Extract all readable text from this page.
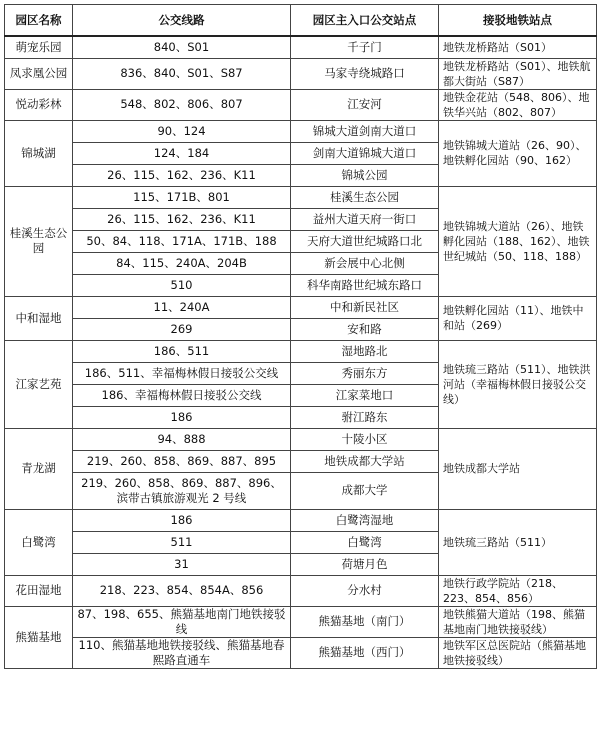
园区名称	公交线路	园区主入口公交站点	接驳地铁站点
萌宠乐园	840、S01	千子门	地铁龙桥路站（S01）
凤求凰公园	836、840、S01、S87	马家寺绕城路口	地铁龙桥路站（S01）、地铁航都大街站（S87）
悦动彩林	548、802、806、807	江安河	地铁金花站（548、806）、地铁华兴站（802、807）
锦城湖	90、124	锦城大道剑南大道口	地铁锦城大道站（26、90）、地铁孵化园站（90、162）
	124、184	剑南大道锦城大道口	
	26、115、162、236、K11	锦城公园	
桂溪生态公园	115、171B、801	桂溪生态公园	地铁锦城大道站（26）、地铁孵化园站（188、162）、地铁世纪城站（50、118、188）
	26、115、162、236、K11	益州大道天府一街口	
	50、84、118、171A、171B、188	天府大道世纪城路口北	
	84、115、240A、204B	新会展中心北侧	
	510	科华南路世纪城东路口	
中和湿地	11、240A	中和新民社区	地铁孵化园站（11）、地铁中和站（269）
	269	安和路	
江家艺苑	186、511	湿地路北	地铁琉三路站（511）、地铁洪河站（幸福梅林假日接驳公交线）
	186、511、幸福梅林假日接驳公交线	秀丽东方	
	186、幸福梅林假日接驳公交线	江家菜地口	
	186	驸江路东	
青龙湖	94、888	十陵小区	地铁成都大学站
	219、260、858、869、887、895	地铁成都大学站	
	219、260、858、869、887、896、滨带古镇旅游观光 2 号线	成都大学	
白鹭湾	186	白鹭湾湿地	地铁琉三路站（511）
	511	白鹭湾	
	31	荷塘月色	
花田湿地	218、223、854、854A、856	分水村	地铁行政学院站（218、223、854、856）
熊猫基地	87、198、655、熊猫基地南门地铁接驳线	熊猫基地（南门）	地铁熊猫大道站（198、熊猫基地南门地铁接驳线）
	110、熊猫基地地铁接驳线、熊猫基地春熙路直通车	熊猫基地（西门）	地铁军区总医院站（熊猫基地地铁接驳线）
